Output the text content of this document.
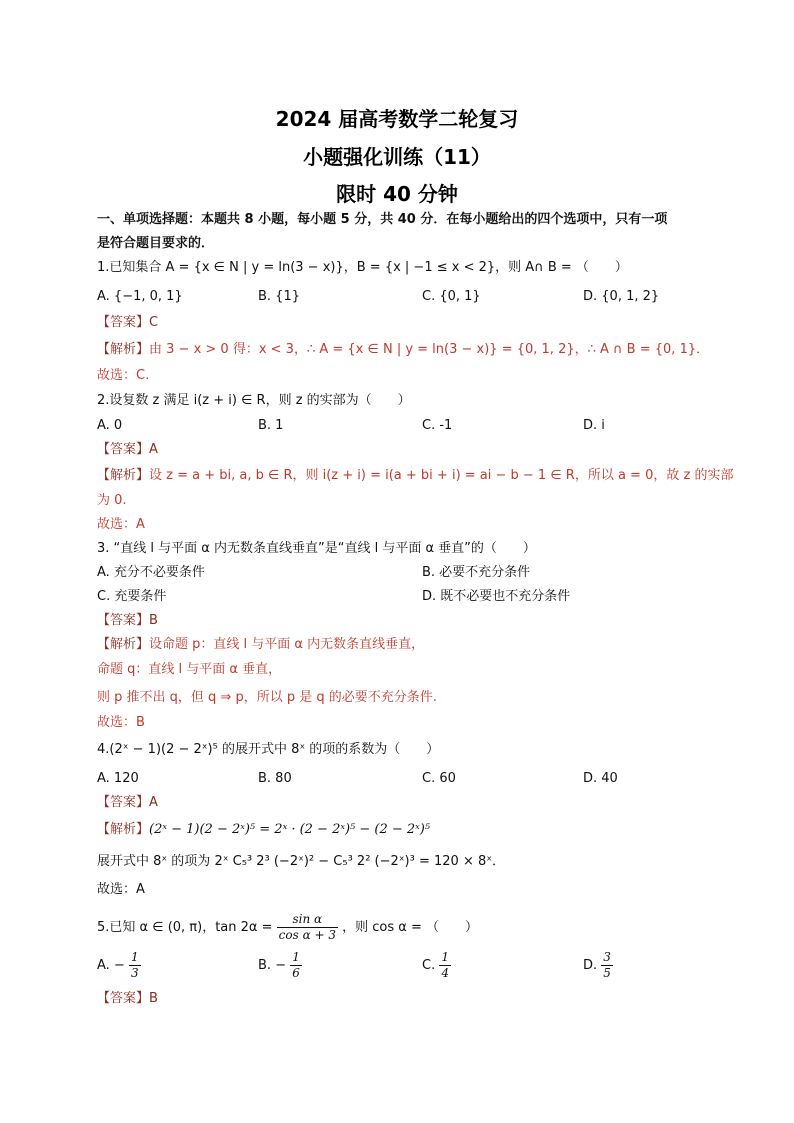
2024 届高考数学二轮复习
小题强化训练（11）
限时 40 分钟
一、单项选择题：本题共 8 小题，每小题 5 分，共 40 分．在每小题给出的四个选项中，只有一项
是符合题目要求的．
1.已知集合 A = {x ∈ N | y = ln(3 − x)}，B = {x | −1 ≤ x < 2}，则 A∩ B = （　　）
A. {−1, 0, 1}	B. {1}	C. {0, 1}	D. {0, 1, 2}
【答案】C
【解析】由 3 − x > 0 得：x < 3，∴ A = {x ∈ N | y = ln(3 − x)} = {0, 1, 2}，∴ A ∩ B = {0, 1}．
故选：C.
2.设复数 z 满足 i(z + i) ∈ R，则 z 的实部为（　　）
A. 0	B. 1	C. -1	D. i
【答案】A
【解析】设 z = a + bi, a, b ∈ R，则 i(z + i) = i(a + bi + i) = ai − b − 1 ∈ R，所以 a = 0，故 z 的实部
为 0.
故选：A
3. “直线 l 与平面 α 内无数条直线垂直”是“直线 l 与平面 α 垂直”的（　　）
A. 充分不必要条件	B. 必要不充分条件
C. 充要条件	D. 既不必要也不充分条件
【答案】B
【解析】设命题 p：直线 l 与平面 α 内无数条直线垂直，
命题 q：直线 l 与平面 α 垂直，
则 p 推不出 q，但 q ⇒ p，所以 p 是 q 的必要不充分条件.
故选：B
4.(2ˣ − 1)(2 − 2ˣ)⁵ 的展开式中 8ˣ 的项的系数为（　　）
A. 120	B. 80	C. 60	D. 40
【答案】A
【解析】(2ˣ − 1)(2 − 2ˣ)⁵ = 2ˣ · (2 − 2ˣ)⁵ − (2 − 2ˣ)⁵
展开式中 8ˣ 的项为 2ˣ C₅³ 2³ (−2ˣ)² − C₅³ 2² (−2ˣ)³ = 120 × 8ˣ．
故选：A
5.已知 α ∈ (0, π)，$\tan 2\alpha = \frac{\text{sin α}}{\text{cos α + 3}}$ ，则 cos α = （　　）
A. − $\frac{1}{3}$	B. − $\frac{1}{6}$	C. $\frac{1}{4}$	D. $\frac{3}{5}$
【答案】B
